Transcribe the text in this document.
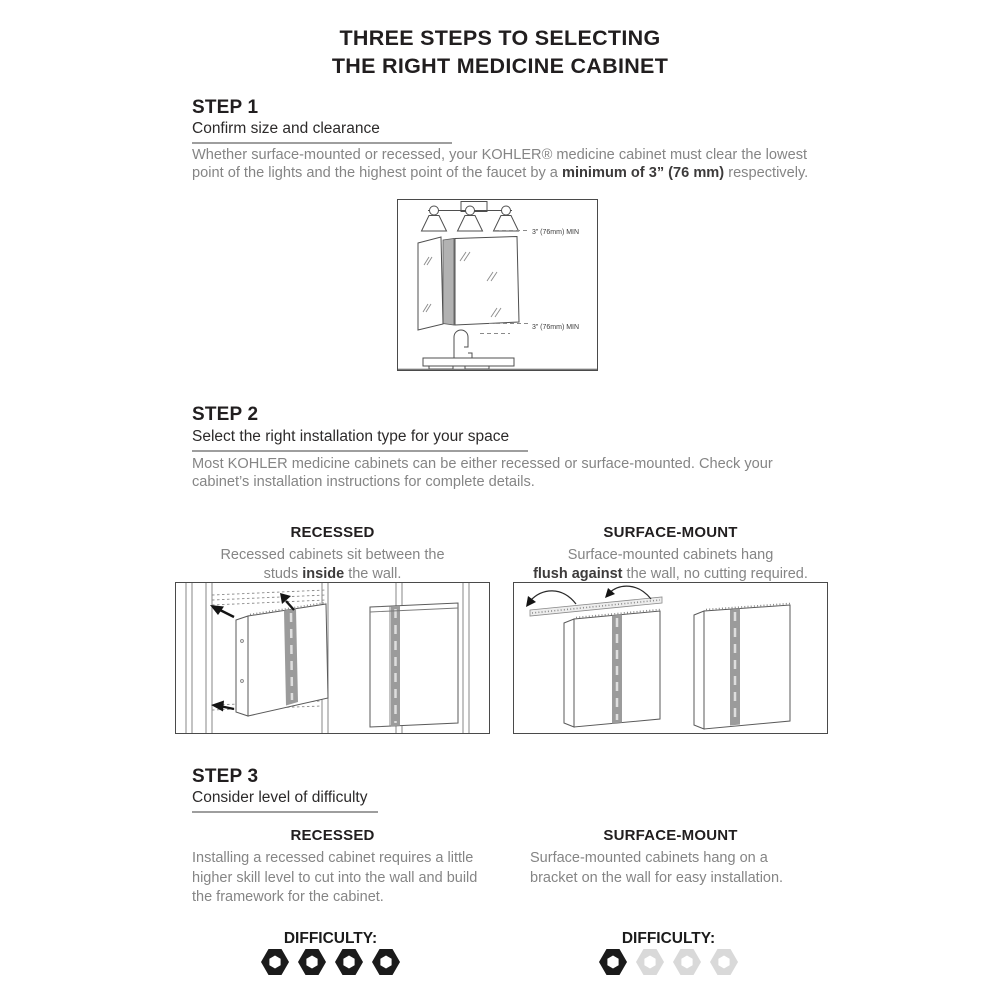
THREE STEPS TO SELECTING
THE RIGHT MEDICINE CABINET
STEP 1
Confirm size and clearance
Whether surface-mounted or recessed, your KOHLER® medicine cabinet must clear the lowest
point of the lights and the highest point of the faucet by a minimum of 3” (76 mm) respectively.
3” (76mm) MIN
3” (76mm) MIN
STEP 2
Select the right installation type for your space
Most KOHLER medicine cabinets can be either recessed or surface-mounted. Check your
cabinet’s installation instructions for complete details.
RECESSED	SURFACE-MOUNT
Recessed cabinets sit between the
studs inside the wall.
Surface-mounted cabinets hang
flush against the wall, no cutting required.
STEP 3
Consider level of difficulty
RECESSED	SURFACE-MOUNT
Installing a recessed cabinet requires a little
higher skill level to cut into the wall and build
the framework for the cabinet.
Surface-mounted cabinets hang on a
bracket on the wall for easy installation.
DIFFICULTY:	DIFFICULTY:
